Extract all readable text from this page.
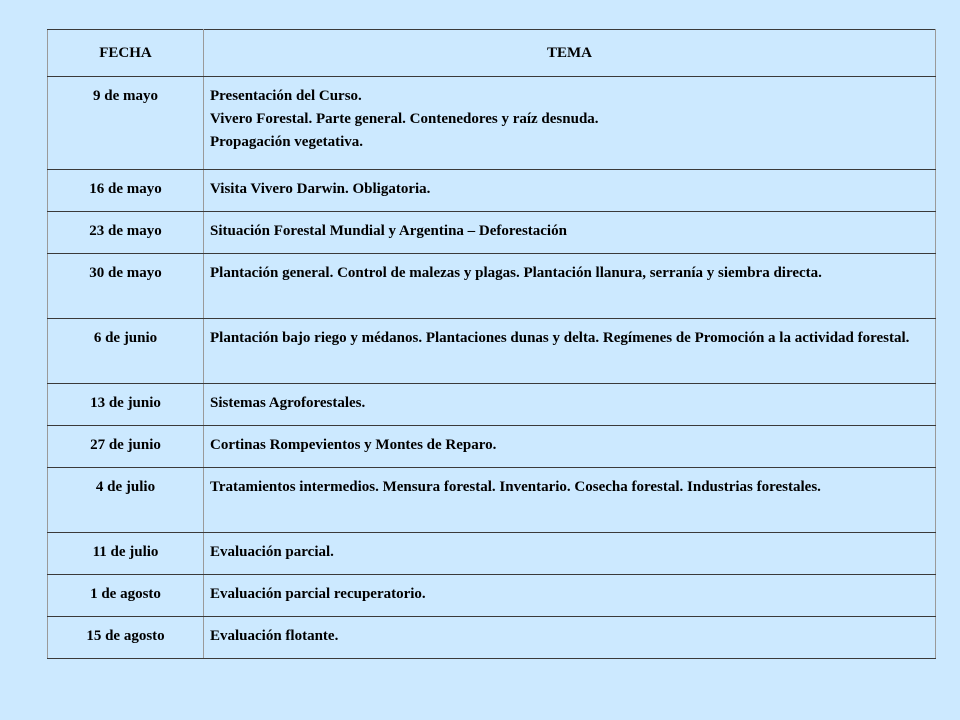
FECHA	TEMA
9 de mayo	Presentación del Curso.
Vivero Forestal. Parte general. Contenedores y raíz desnuda.
Propagación vegetativa.

16 de mayo	Visita Vivero Darwin. Obligatoria.
23 de mayo	Situación Forestal Mundial y Argentina – Deforestación
30 de mayo	Plantación general. Control de malezas y plagas. Plantación llanura, serranía y siembra directa.
6 de junio	Plantación bajo riego y médanos. Plantaciones dunas y delta. Regímenes de Promoción a la actividad forestal.
13 de junio	Sistemas Agroforestales.
27 de junio	Cortinas Rompevientos y Montes de Reparo.
4 de julio	Tratamientos intermedios. Mensura forestal. Inventario. Cosecha forestal. Industrias forestales.
11 de julio	Evaluación parcial.
1 de agosto	Evaluación parcial recuperatorio.
15 de agosto	Evaluación flotante.
